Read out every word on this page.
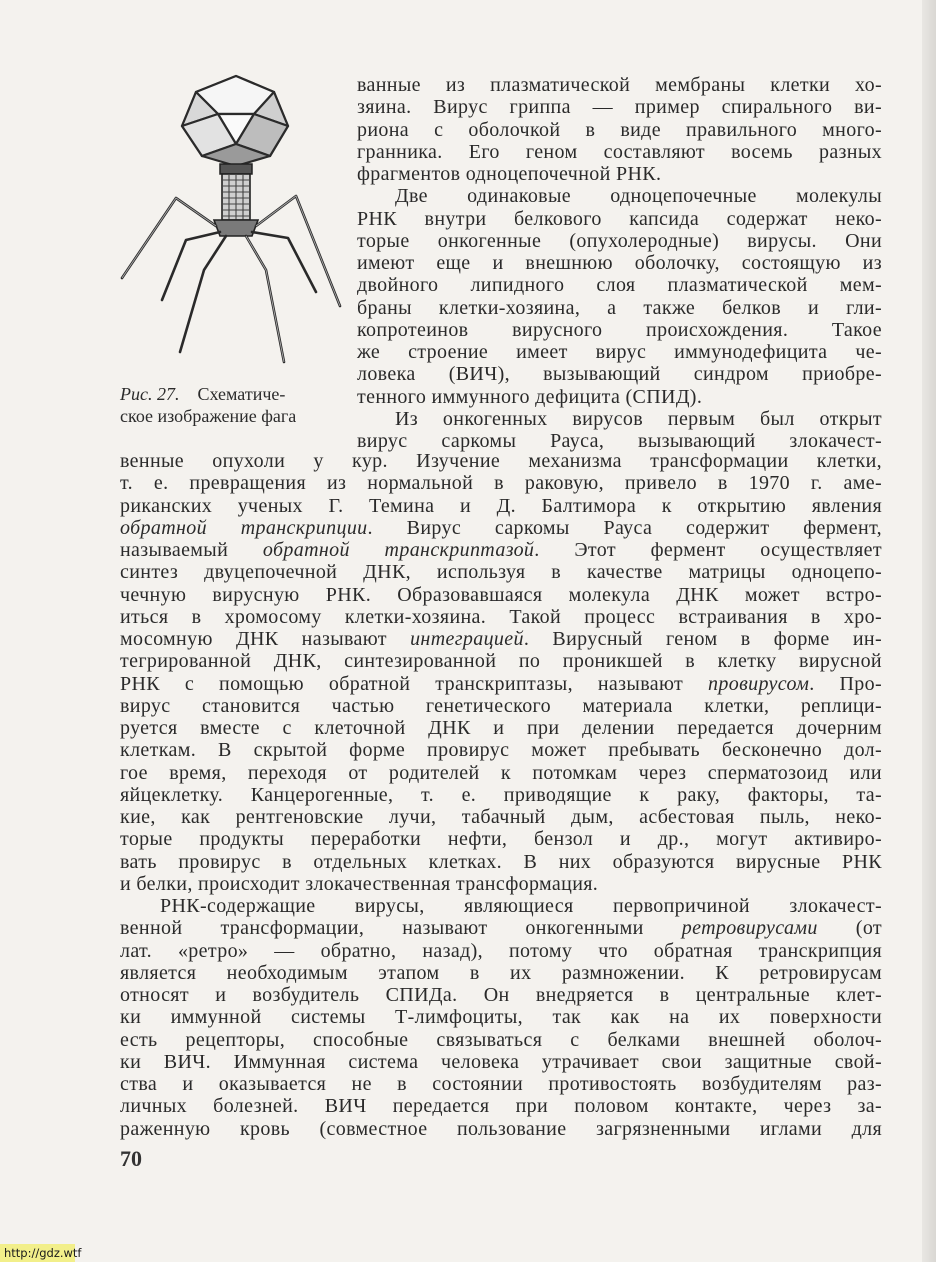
Рис. 27. Схематиче-
ское изображение фага
ванные из плазматической мембраны клетки хо-
зяина. Вирус гриппа — пример спирального ви-
риона с оболочкой в виде правильного много-
гранника. Его геном составляют восемь разных
фрагментов одноцепочечной РНК.
Две одинаковые одноцепочечные молекулы
РНК внутри белкового капсида содержат неко-
торые онкогенные (опухолеродные) вирусы. Они
имеют еще и внешнюю оболочку, состоящую из
двойного липидного слоя плазматической мем-
браны клетки-хозяина, а также белков и гли-
копротеинов вирусного происхождения. Такое
же строение имеет вирус иммунодефицита че-
ловека (ВИЧ), вызывающий синдром приобре-
тенного иммунного дефицита (СПИД).
Из онкогенных вирусов первым был открыт
вирус саркомы Рауса, вызывающий злокачест-
венные опухоли у кур. Изучение механизма трансформации клетки,
т. е. превращения из нормальной в раковую, привело в 1970 г. аме-
риканских ученых Г. Темина и Д. Балтимора к открытию явления
обратной транскрипции. Вирус саркомы Рауса содержит фермент,
называемый обратной транскриптазой. Этот фермент осуществляет
синтез двуцепочечной ДНК, используя в качестве матрицы одноцепо-
чечную вирусную РНК. Образовавшаяся молекула ДНК может встро-
иться в хромосому клетки-хозяина. Такой процесс встраивания в хро-
мосомную ДНК называют интеграцией. Вирусный геном в форме ин-
тегрированной ДНК, синтезированной по проникшей в клетку вирусной
РНК с помощью обратной транскриптазы, называют провирусом. Про-
вирус становится частью генетического материала клетки, реплици-
руется вместе с клеточной ДНК и при делении передается дочерним
клеткам. В скрытой форме провирус может пребывать бесконечно дол-
гое время, переходя от родителей к потомкам через сперматозоид или
яйцеклетку. Канцерогенные, т. е. приводящие к раку, факторы, та-
кие, как рентгеновские лучи, табачный дым, асбестовая пыль, неко-
торые продукты переработки нефти, бензол и др., могут активиро-
вать провирус в отдельных клетках. В них образуются вирусные РНК
и белки, происходит злокачественная трансформация.
РНК-содержащие вирусы, являющиеся первопричиной злокачест-
венной трансформации, называют онкогенными ретровирусами (от
лат. «ретро» — обратно, назад), потому что обратная транскрипция
является необходимым этапом в их размножении. К ретровирусам
относят и возбудитель СПИДа. Он внедряется в центральные клет-
ки иммунной системы Т-лимфоциты, так как на их поверхности
есть рецепторы, способные связываться с белками внешней оболоч-
ки ВИЧ. Иммунная система человека утрачивает свои защитные свой-
ства и оказывается не в состоянии противостоять возбудителям раз-
личных болезней. ВИЧ передается при половом контакте, через за-
раженную кровь (совместное пользование загрязненными иглами для
70
http://gdz.wtf
